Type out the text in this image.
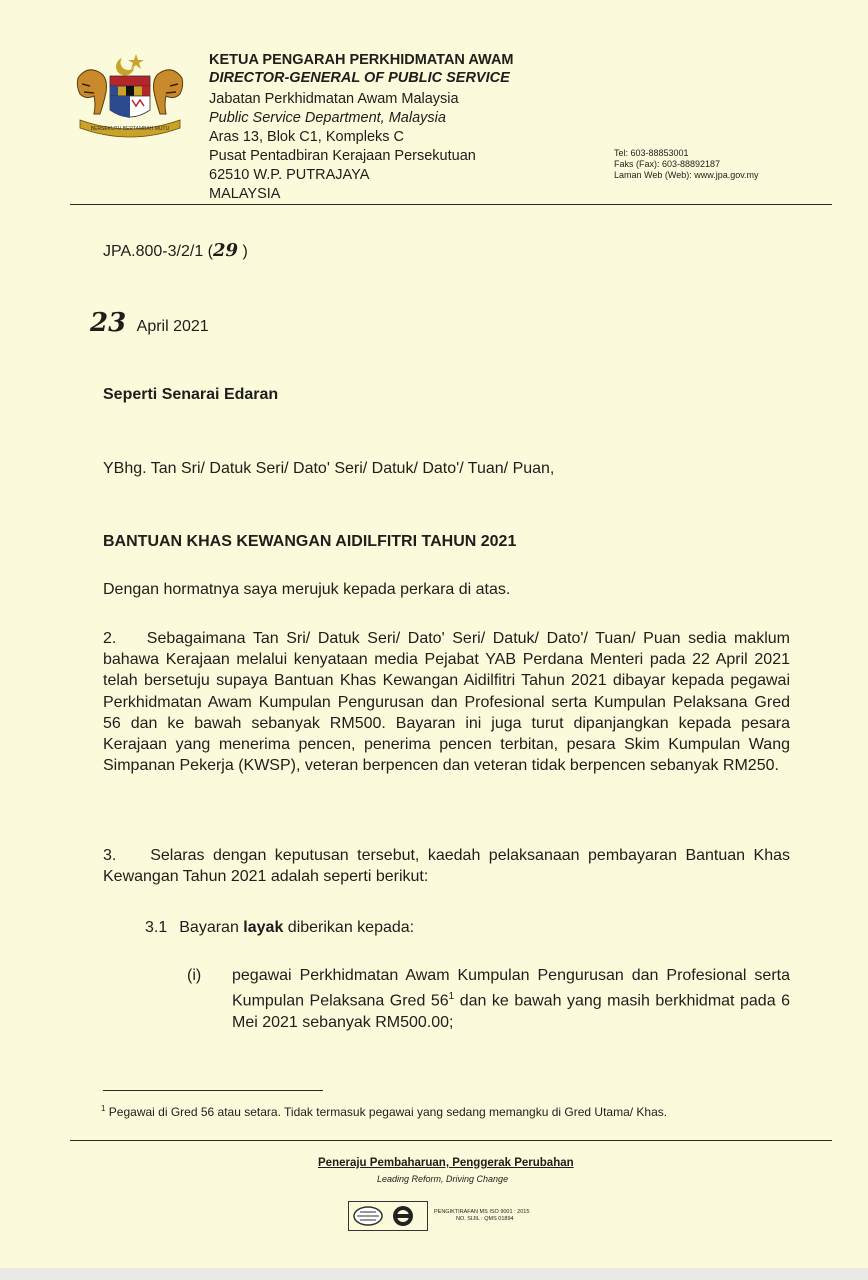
BERSEKUTU BERTAMBAH MUTU
KETUA PENGARAH PERKHIDMATAN AWAM
DIRECTOR-GENERAL OF PUBLIC SERVICE
Jabatan Perkhidmatan Awam Malaysia
Public Service Department, Malaysia
Aras 13, Blok C1, Kompleks C
Pusat Pentadbiran Kerajaan Persekutuan
62510 W.P. PUTRAJAYA
MALAYSIA
Tel: 603-88853001
Faks (Fax): 603-88892187
Laman Web (Web): www.jpa.gov.my
JPA.800-3/2/1 (29 )
23 April 2021
Seperti Senarai Edaran
YBhg. Tan Sri/ Datuk Seri/ Dato' Seri/ Datuk/ Dato'/ Tuan/ Puan,
BANTUAN KHAS KEWANGAN AIDILFITRI TAHUN 2021
Dengan hormatnya saya merujuk kepada perkara di atas.
2.    Sebagaimana Tan Sri/ Datuk Seri/ Dato' Seri/ Datuk/ Dato'/ Tuan/ Puan sedia maklum bahawa Kerajaan melalui kenyataan media Pejabat YAB Perdana Menteri pada 22 April 2021 telah bersetuju supaya Bantuan Khas Kewangan Aidilfitri Tahun 2021 dibayar kepada pegawai Perkhidmatan Awam Kumpulan Pengurusan dan Profesional serta Kumpulan Pelaksana Gred 56 dan ke bawah sebanyak RM500. Bayaran ini juga turut dipanjangkan kepada pesara Kerajaan yang menerima pencen, penerima pencen terbitan, pesara Skim Kumpulan Wang Simpanan Pekerja (KWSP), veteran berpencen dan veteran tidak berpencen sebanyak RM250.
3.    Selaras dengan keputusan tersebut, kaedah pelaksanaan pembayaran Bantuan Khas Kewangan Tahun 2021 adalah seperti berikut:
3.1 Bayaran layak diberikan kepada:
(i) pegawai Perkhidmatan Awam Kumpulan Pengurusan dan Profesional serta Kumpulan Pelaksana Gred $56^1$ dan ke bawah yang masih berkhidmat pada 6 Mei 2021 sebanyak RM500.00;
$^1$ Pegawai di Gred 56 atau setara. Tidak termasuk pegawai yang sedang memangku di Gred Utama/ Khas.
Peneraju Pembaharuan, Penggerak Perubahan
Leading Reform, Driving Change
PENGIKTIRAFAN MS ISO 9001 : 2015
NO. SIJIL : QMS 01894
